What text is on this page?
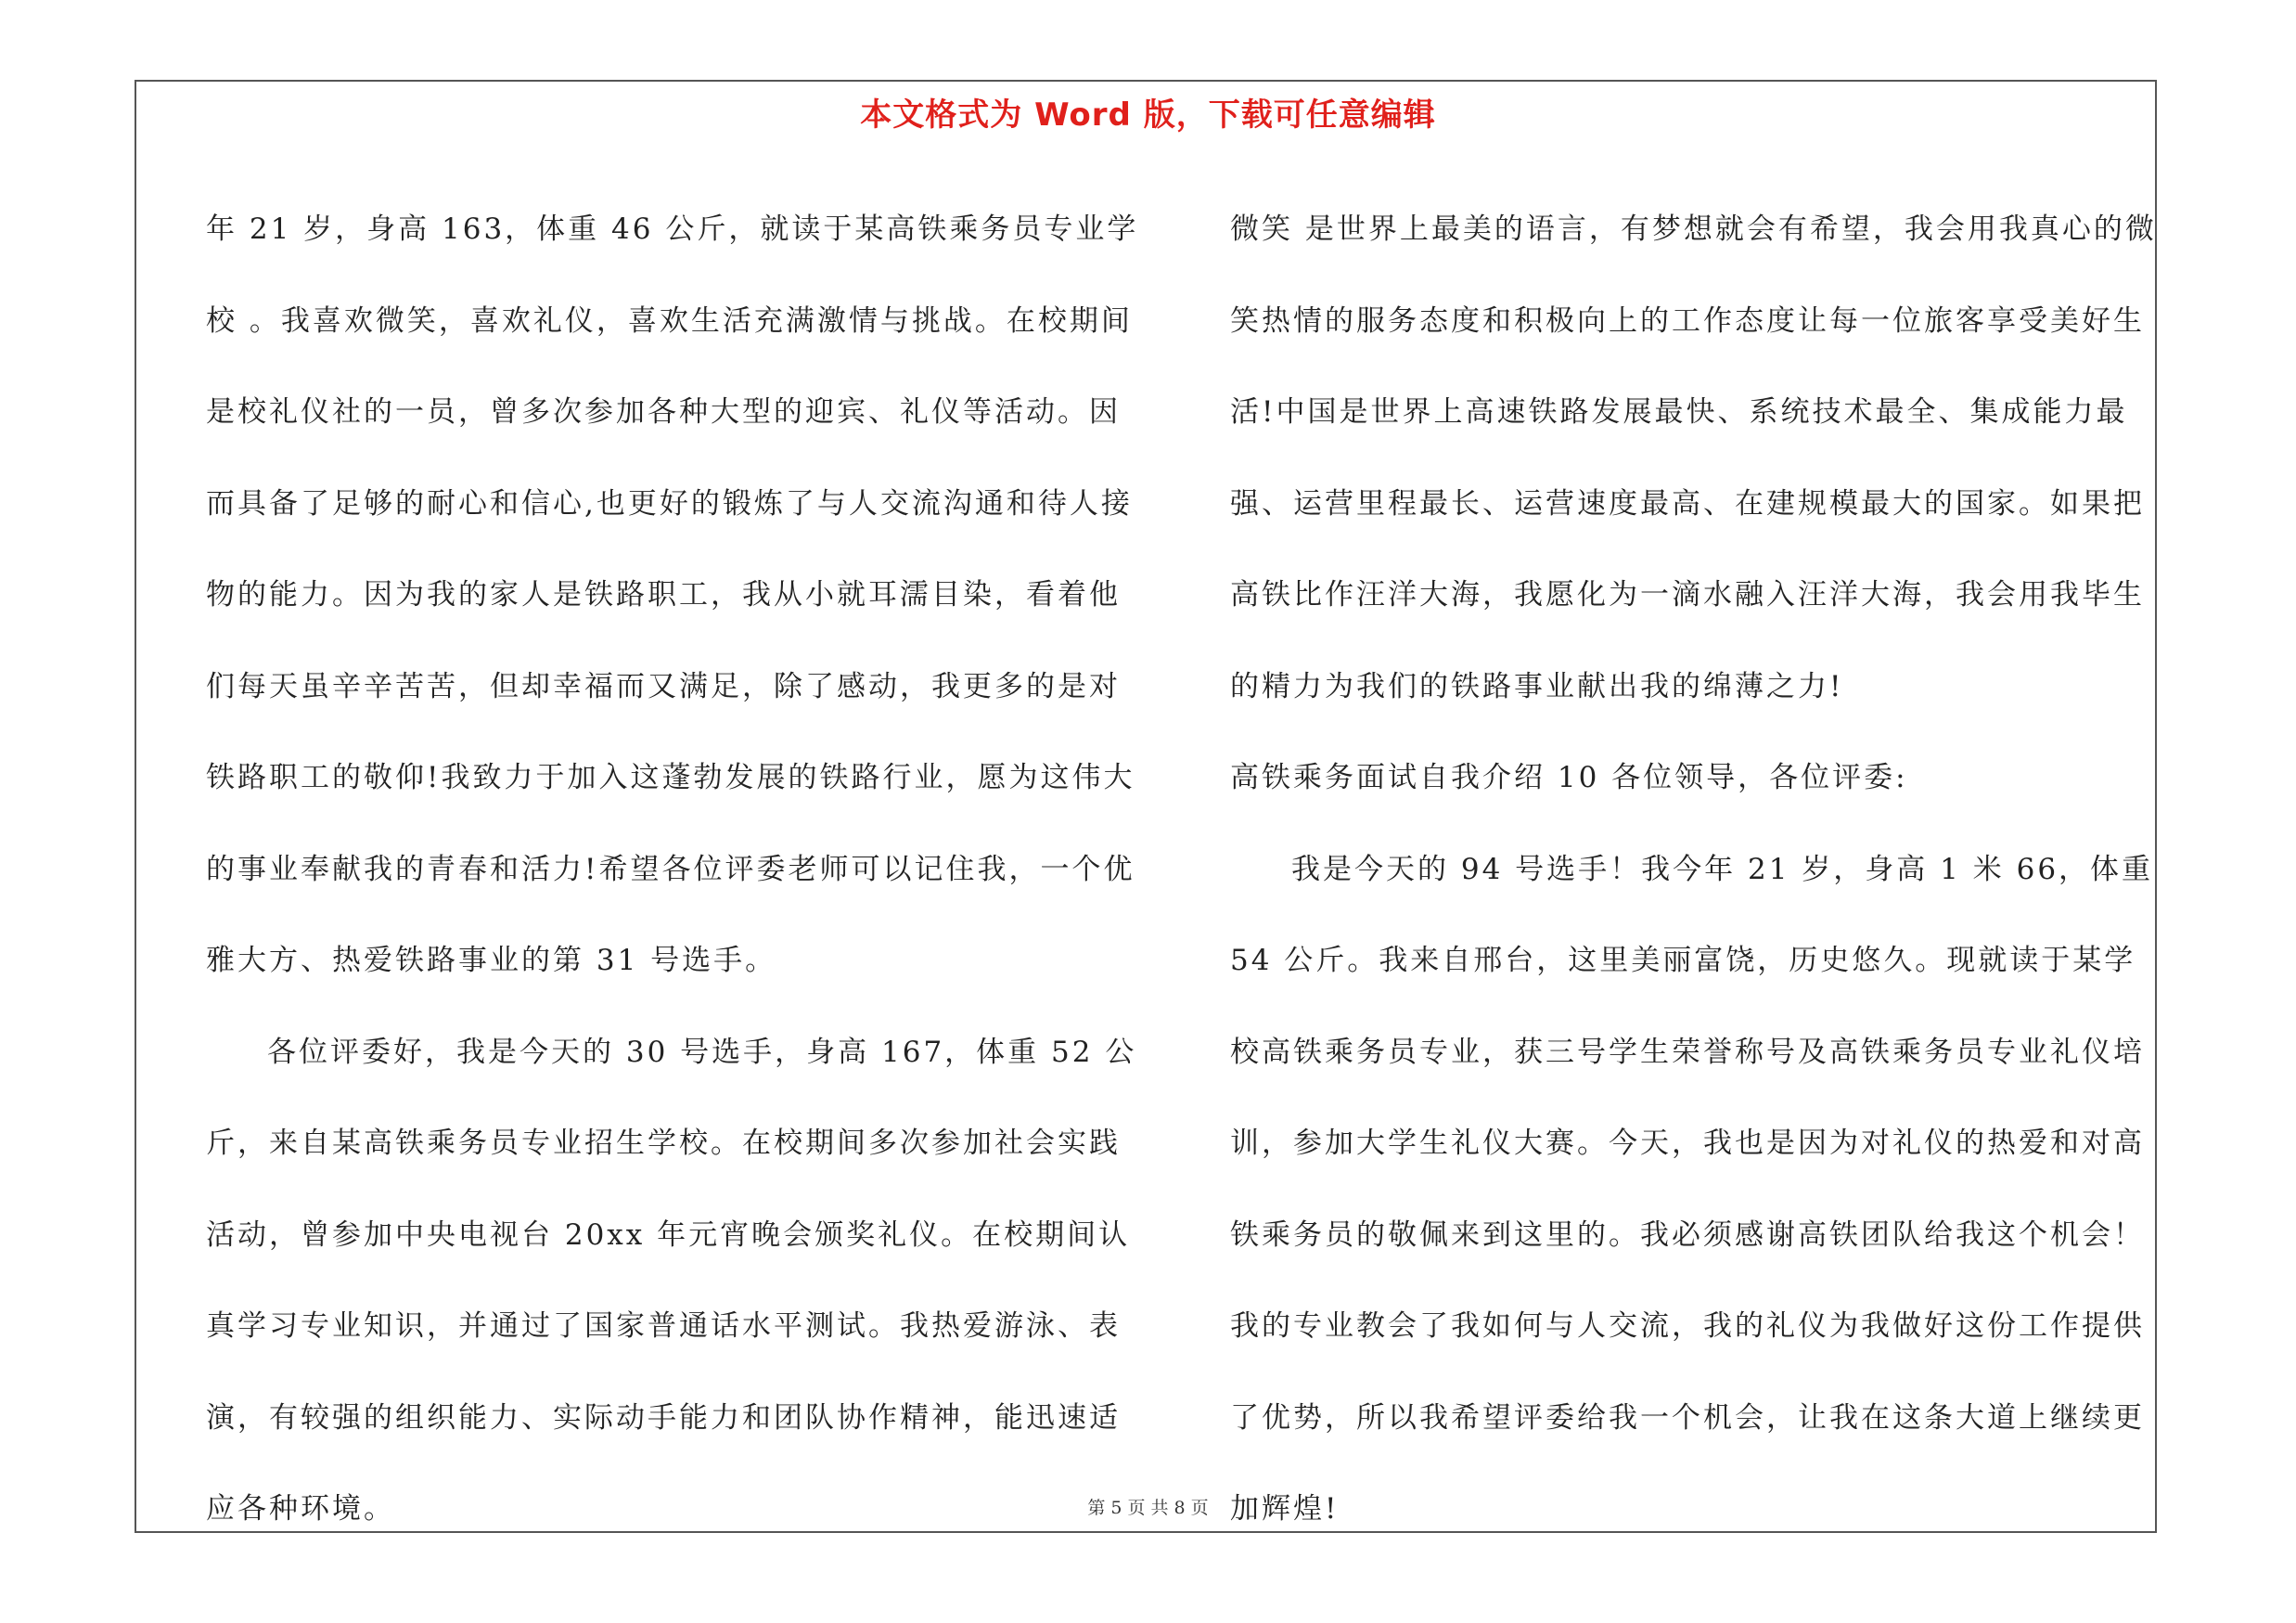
本文格式为 Word 版，下载可任意编辑

年 21 岁，身高 163，体重 46 公斤，就读于某高铁乘务员专业学校 。我喜欢微笑，喜欢礼仪，喜欢生活充满激情与挑战。在校期间是校礼仪社的一员，曾多次参加各种大型的迎宾、礼仪等活动。因而具备了足够的耐心和信心,也更好的锻炼了与人交流沟通和待人接物的能力。因为我的家人是铁路职工，我从小就耳濡目染，看着他们每天虽辛辛苦苦，但却幸福而又满足，除了感动，我更多的是对铁路职工的敬仰!我致力于加入这蓬勃发展的铁路行业，愿为这伟大的事业奉献我的青春和活力!希望各位评委老师可以记住我，一个优雅大方、热爱铁路事业的第 31 号选手。

各位评委好，我是今天的 30 号选手，身高 167，体重 52 公斤，来自某高铁乘务员专业招生学校。在校期间多次参加社会实践活动，曾参加中央电视台 20xx 年元宵晚会颁奖礼仪。在校期间认真学习专业知识，并通过了国家普通话水平测试。我热爱游泳、表演，有较强的组织能力、实际动手能力和团队协作精神，能迅速适应各种环境。

微笑 是世界上最美的语言，有梦想就会有希望，我会用我真心的微笑热情的服务态度和积极向上的工作态度让每一位旅客享受美好生活!中国是世界上高速铁路发展最快、系统技术最全、集成能力最强、运营里程最长、运营速度最高、在建规模最大的国家。如果把高铁比作汪洋大海，我愿化为一滴水融入汪洋大海，我会用我毕生的精力为我们的铁路事业献出我的绵薄之力!

高铁乘务面试自我介绍 10 各位领导，各位评委:

我是今天的 94 号选手！我今年 21 岁，身高 1 米 66，体重 54 公斤。我来自邢台，这里美丽富饶，历史悠久。现就读于某学校高铁乘务员专业，获三号学生荣誉称号及高铁乘务员专业礼仪培训，参加大学生礼仪大赛。今天，我也是因为对礼仪的热爱和对高铁乘务员的敬佩来到这里的。我必须感谢高铁团队给我这个机会！我的专业教会了我如何与人交流，我的礼仪为我做好这份工作提供了优势，所以我希望评委给我一个机会，让我在这条大道上继续更加辉煌!

第 5 页 共 8 页
